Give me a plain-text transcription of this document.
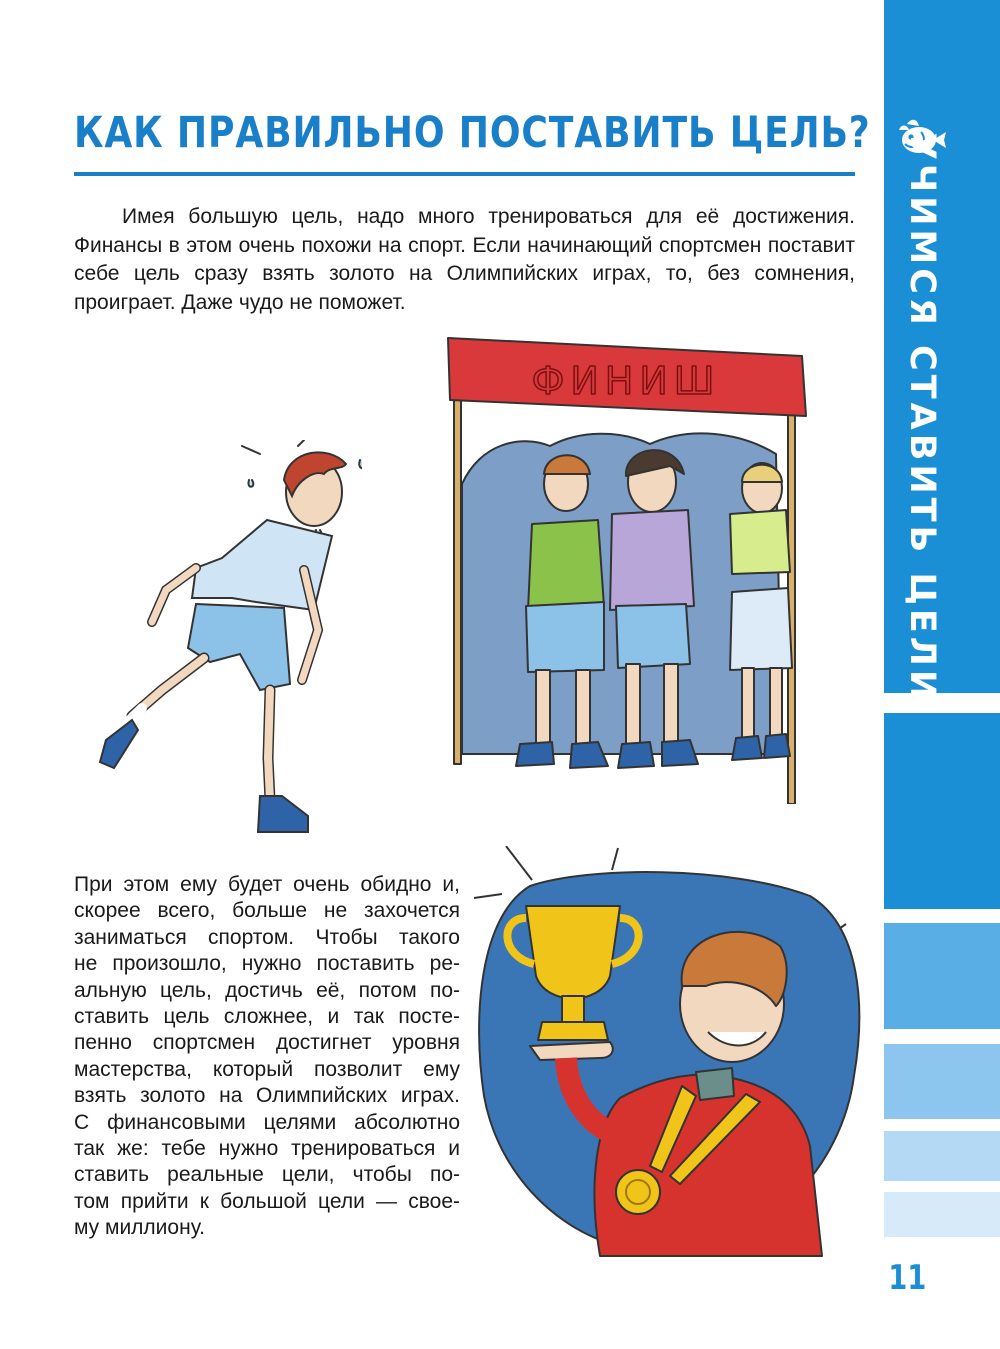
КАК ПРАВИЛЬНО ПОСТАВИТЬ ЦЕЛЬ?

Имея большую цель, надо много тренироваться для её достижения. Финансы в этом очень похожи на спорт. Если начинающий спортсмен поставит себе цель сразу взять золото на Олимпийских играх, то, без сомнения, проиграет. Даже чудо не поможет.	УЧИМСЯ СТАВИТЬ ЦЕЛИ
11
ФИНИШ

При этом ему будет очень обидно и,
скорее всего, больше не захочется
заниматься спортом. Чтобы такого
не произошло, нужно поставить ре-
альную цель, достичь её, потом по-
ставить цель сложнее, и так посте-
пенно спортсмен достигнет уровня
мастерства, который позволит ему
взять золото на Олимпийских играх.
С финансовыми целями абсолютно
так же: тебе нужно тренироваться и
ставить реальные цели, чтобы по-
том прийти к большой цели — свое-
му миллиону.
